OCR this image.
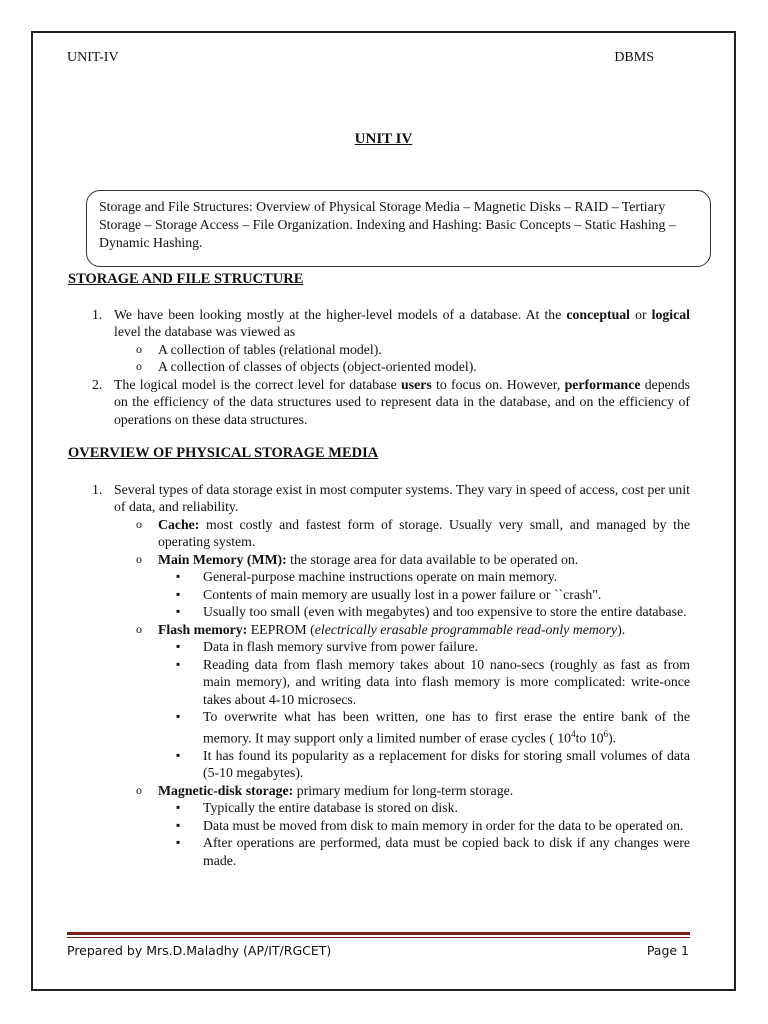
UNIT-IV	DBMS
UNIT IV
Storage and File Structures: Overview of Physical Storage Media – Magnetic Disks – RAID – Tertiary Storage – Storage Access – File Organization. Indexing and Hashing: Basic Concepts – Static Hashing – Dynamic Hashing.
STORAGE AND FILE STRUCTURE
1. We have been looking mostly at the higher-level models of a database. At the conceptual or logical level the database was viewed as
o A collection of tables (relational model).
o A collection of classes of objects (object-oriented model).
2. The logical model is the correct level for database users to focus on. However, performance depends on the efficiency of the data structures used to represent data in the database, and on the efficiency of operations on these data structures.
OVERVIEW OF PHYSICAL STORAGE MEDIA
1. Several types of data storage exist in most computer systems. They vary in speed of access, cost per unit of data, and reliability.
o Cache: most costly and fastest form of storage. Usually very small, and managed by the operating system.
o Main Memory (MM): the storage area for data available to be operated on.
▪ General-purpose machine instructions operate on main memory.
▪ Contents of main memory are usually lost in a power failure or ``crash".
▪ Usually too small (even with megabytes) and too expensive to store the entire database.
o Flash memory: EEPROM (electrically erasable programmable read-only memory).
▪ Data in flash memory survive from power failure.
▪ Reading data from flash memory takes about 10 nano-secs (roughly as fast as from main memory), and writing data into flash memory is more complicated: write-once takes about 4-10 microsecs.
▪ To overwrite what has been written, one has to first erase the entire bank of the memory. It may support only a limited number of erase cycles ( $10^4to$ $10^6$).
▪ It has found its popularity as a replacement for disks for storing small volumes of data (5-10 megabytes).
o Magnetic-disk storage: primary medium for long-term storage.
▪ Typically the entire database is stored on disk.
▪ Data must be moved from disk to main memory in order for the data to be operated on.
▪ After operations are performed, data must be copied back to disk if any changes were made.
Prepared by Mrs.D.Maladhy (AP/IT/RGCET)	Page 1
